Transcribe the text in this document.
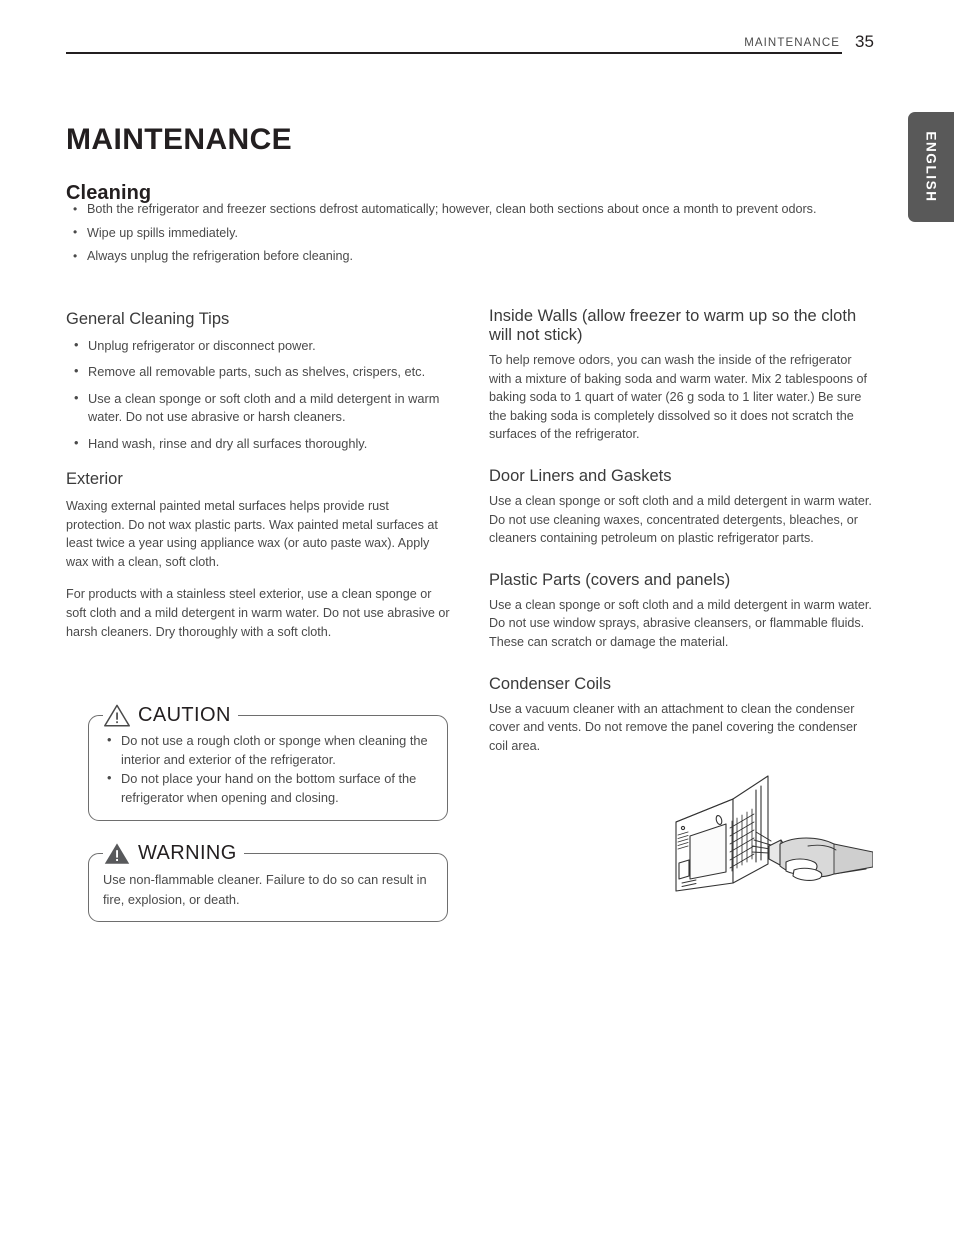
MAINTENANCE 35
ENGLISH
MAINTENANCE
Cleaning
• Both the refrigerator and freezer sections defrost automatically; however, clean both sections about once a month to prevent odors.
• Wipe up spills immediately.
• Always unplug the refrigeration before cleaning.
General Cleaning Tips
• Unplug refrigerator or disconnect power.
• Remove all removable parts, such as shelves, crispers, etc.
• Use a clean sponge or soft cloth and a mild detergent in warm water. Do not use abrasive or harsh cleaners.
• Hand wash, rinse and dry all surfaces thoroughly.
Exterior

Waxing external painted metal surfaces helps provide rust protection. Do not wax plastic parts. Wax painted metal surfaces at least twice a year using appliance wax (or auto paste wax). Apply wax with a clean, soft cloth.

For products with a stainless steel exterior, use a clean sponge or soft cloth and a mild detergent in warm water. Do not use abrasive or harsh cleaners. Dry thoroughly with a soft cloth.

CAUTION
• Do not use a rough cloth or sponge when cleaning the interior and exterior of the refrigerator.
• Do not place your hand on the bottom surface of the refrigerator when opening and closing.
WARNING

Use non-flammable cleaner. Failure to do so can result in fire, explosion, or death.

Inside Walls (allow freezer to warm up so the cloth will not stick)

To help remove odors, you can wash the inside of the refrigerator with a mixture of baking soda and warm water. Mix 2 tablespoons of baking soda to 1 quart of water (26 g soda to 1 liter water.) Be sure the baking soda is completely dissolved so it does not scratch the surfaces of the refrigerator.

Door Liners and Gaskets

Use a clean sponge or soft cloth and a mild detergent in warm water. Do not use cleaning waxes, concentrated detergents, bleaches, or cleaners containing petroleum on plastic refrigerator parts.

Plastic Parts (covers and panels)

Use a clean sponge or soft cloth and a mild detergent in warm water. Do not use window sprays, abrasive cleansers, or flammable fluids. These can scratch or damage the material.

Condenser Coils

Use a vacuum cleaner with an attachment to clean the condenser cover and vents. Do not remove the panel covering the condenser coil area.
